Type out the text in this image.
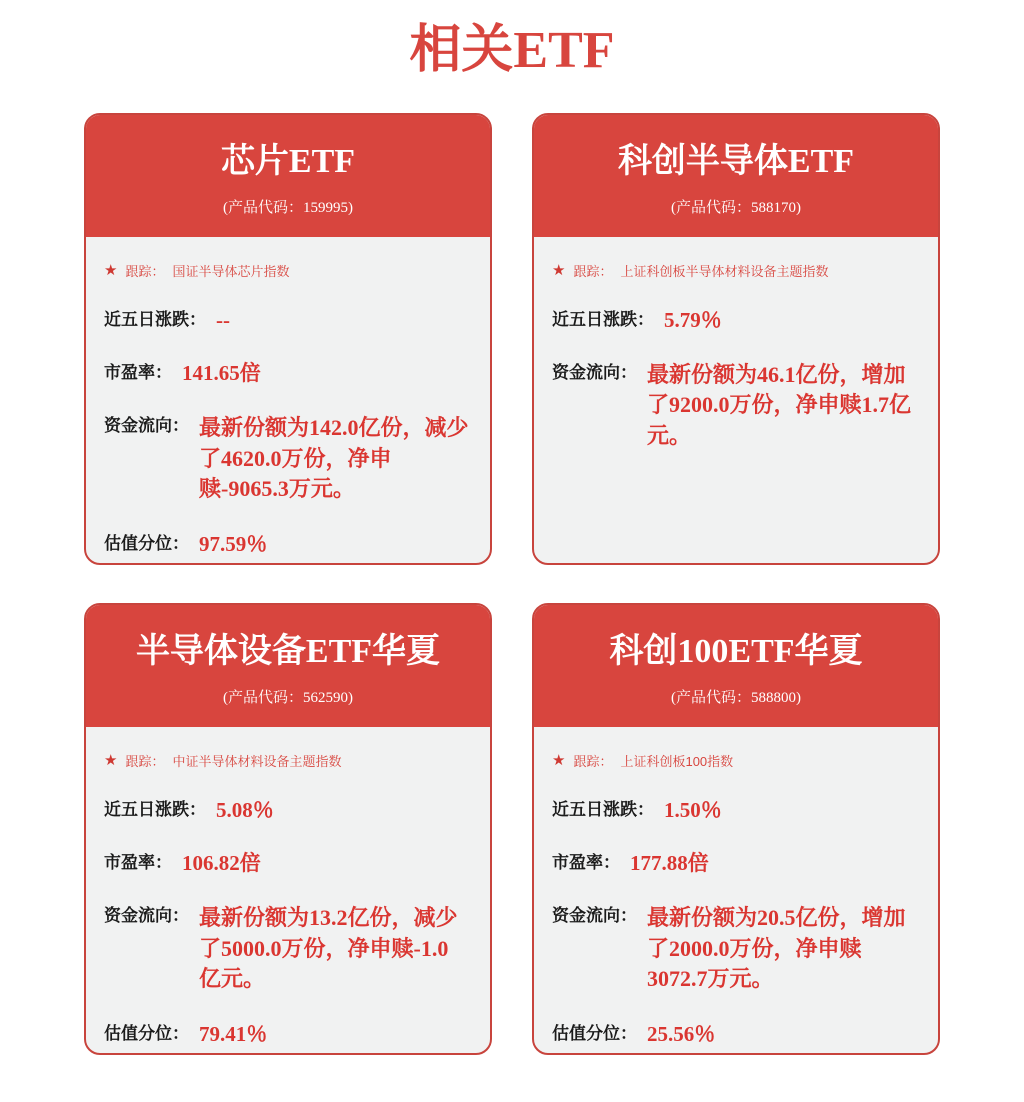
相关ETF
芯片ETF
(产品代码：159995)
★ 跟踪： 国证半导体芯片指数
近五日涨跌： --
市盈率： 141.65倍
资金流向： 最新份额为142.0亿份，减少了4620.0万份，净申赎-9065.3万元。
估值分位： 97.59％
科创半导体ETF
(产品代码：588170)
★ 跟踪： 上证科创板半导体材料设备主题指数
近五日涨跌： 5.79％
资金流向： 最新份额为46.1亿份，增加了9200.0万份，净申赎1.7亿元。
半导体设备ETF华夏
(产品代码：562590)
★ 跟踪： 中证半导体材料设备主题指数
近五日涨跌： 5.08％
市盈率： 106.82倍
资金流向： 最新份额为13.2亿份，减少了5000.0万份，净申赎-1.0亿元。
估值分位： 79.41％
科创100ETF华夏
(产品代码：588800)
★ 跟踪： 上证科创板100指数
近五日涨跌： 1.50％
市盈率： 177.88倍
资金流向： 最新份额为20.5亿份，增加了2000.0万份，净申赎3072.7万元。
估值分位： 25.56％
